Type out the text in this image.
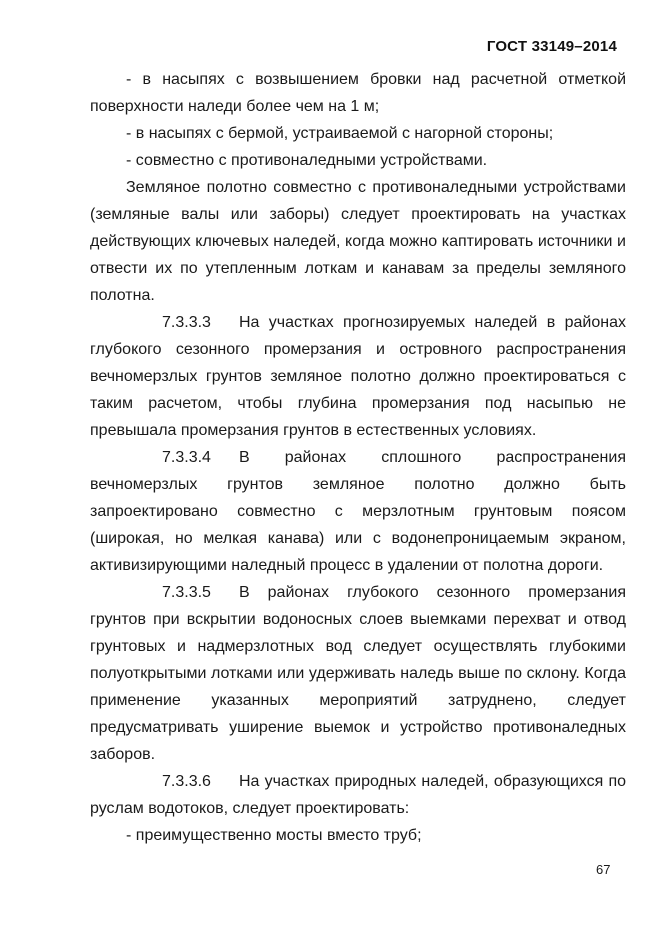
ГОСТ 33149–2014

- в насыпях с возвышением бровки над расчетной отметкой поверхности наледи более чем на 1 м;

- в насыпях с бермой, устраиваемой с нагорной стороны;

- совместно с противоналедными устройствами.

Земляное полотно совместно с противоналедными устройствами (земляные валы или заборы) следует проектировать на участках действующих ключевых наледей, когда можно каптировать источники и отвести их по утепленным лоткам и канавам за пределы земляного полотна.

7.3.3.3 На участках прогнозируемых наледей в районах глубокого сезонного промерзания и островного распространения вечномерзлых грунтов земляное полотно должно проектироваться с таким расчетом, чтобы глубина промерзания под насыпью не превышала промерзания грунтов в естественных условиях.

7.3.3.4 В районах сплошного распространения вечномерзлых грунтов земляное полотно должно быть запроектировано совместно с мерзлотным грунтовым поясом (широкая, но мелкая канава) или с водонепроницаемым экраном, активизирующими наледный процесс в удалении от полотна дороги.

7.3.3.5 В районах глубокого сезонного промерзания грунтов при вскрытии водоносных слоев выемками перехват и отвод грунтовых и надмерзлотных вод следует осуществлять глубокими полуоткрытыми лотками или удерживать наледь выше по склону. Когда применение указанных мероприятий затруднено, следует предусматривать уширение выемок и устройство противоналедных заборов.

7.3.3.6 На участках природных наледей, образующихся по руслам водотоков, следует проектировать:

- преимущественно мосты вместо труб;

67
